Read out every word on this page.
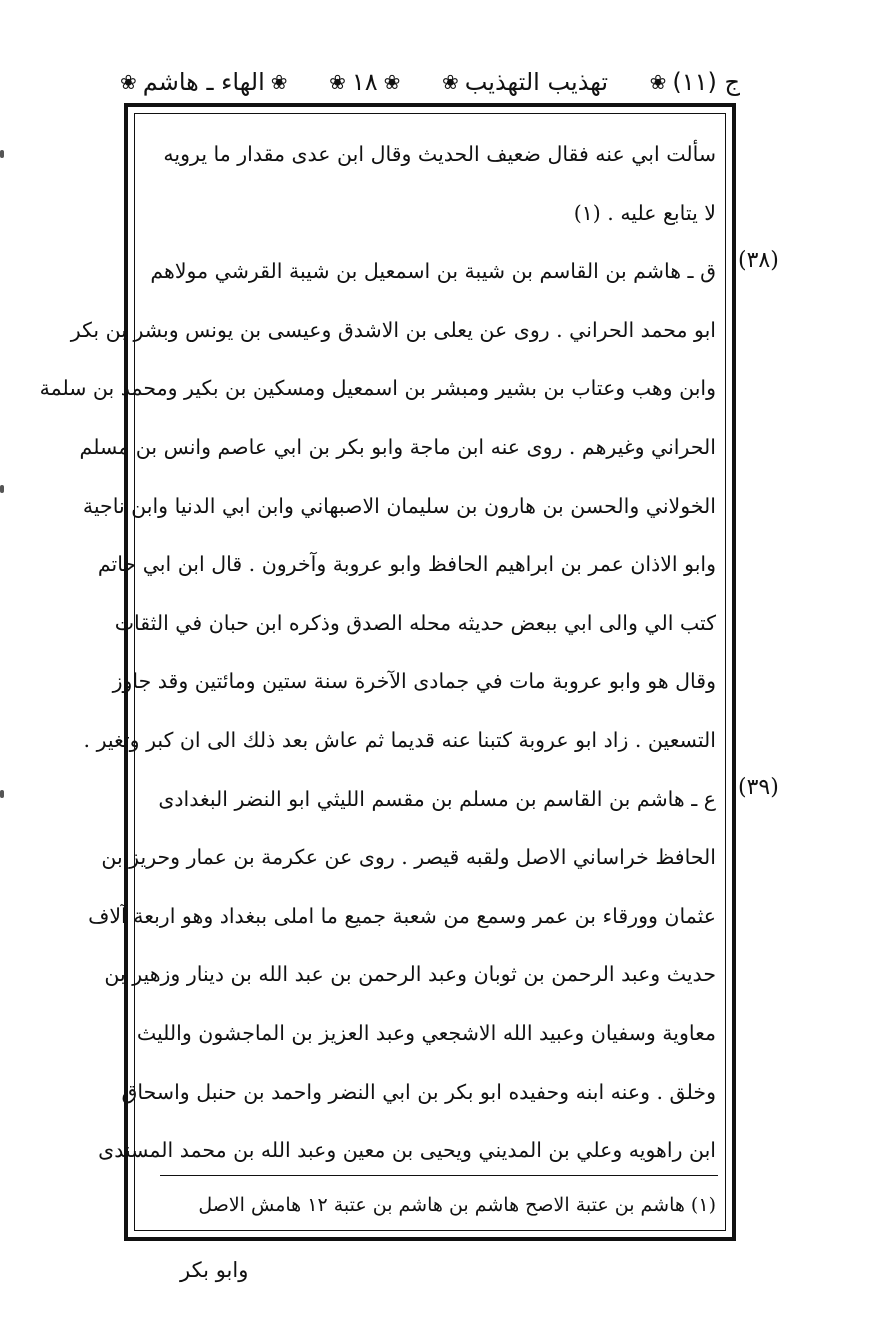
ج (١١)
❀
تهذيب التهذيب
❀
❀
١٨
❀
❀
الهاء ـ هاشم
❀
(٣٨)
(٣٩)
سألت ابي عنه فقال ضعيف الحديث وقال ابن عدى مقدار ما يرويه
لا يتابع عليه . (١)
ق ـ هاشم بن القاسم بن شيبة بن اسمعيل بن شيبة القرشي مولاهم
ابو محمد الحراني . روى عن يعلى بن الاشدق وعيسى بن يونس وبشر بن بكر
وابن وهب وعتاب بن بشير ومبشر بن اسمعيل ومسكين بن بكير ومحمد بن سلمة
الحراني وغيرهم . روى عنه ابن ماجة وابو بكر بن ابي عاصم وانس بن مسلم
الخولاني والحسن بن هارون بن سليمان الاصبهاني وابن ابي الدنيا وابن ناجية
وابو الاذان عمر بن ابراهيم الحافظ وابو عروبة وآخرون . قال ابن ابي حاتم
كتب الي والى ابي ببعض حديثه محله الصدق وذكره ابن حبان في الثقات
وقال هو وابو عروبة مات في جمادى الآخرة سنة ستين ومائتين وقد جاوز
التسعين . زاد ابو عروبة كتبنا عنه قديما ثم عاش بعد ذلك الى ان كبر وتغير .
ع ـ هاشم بن القاسم بن مسلم بن مقسم الليثي ابو النضر البغدادى
الحافظ خراساني الاصل ولقبه قيصر . روى عن عكرمة بن عمار وحريز بن
عثمان وورقاء بن عمر وسمع من شعبة جميع ما املى ببغداد وهو اربعة آلاف
حديث وعبد الرحمن بن ثوبان وعبد الرحمن بن عبد الله بن دينار وزهير بن
معاوية وسفيان وعبيد الله الاشجعي وعبد العزيز بن الماجشون والليث
وخلق . وعنه ابنه وحفيده ابو بكر بن ابي النضر واحمد بن حنبل واسحاق
ابن راهويه وعلي بن المديني ويحيى بن معين وعبد الله بن محمد المسندى
(١) هاشم بن عتبة الاصح هاشم بن هاشم بن عتبة ١٢ هامش الاصل
وابو بكر
